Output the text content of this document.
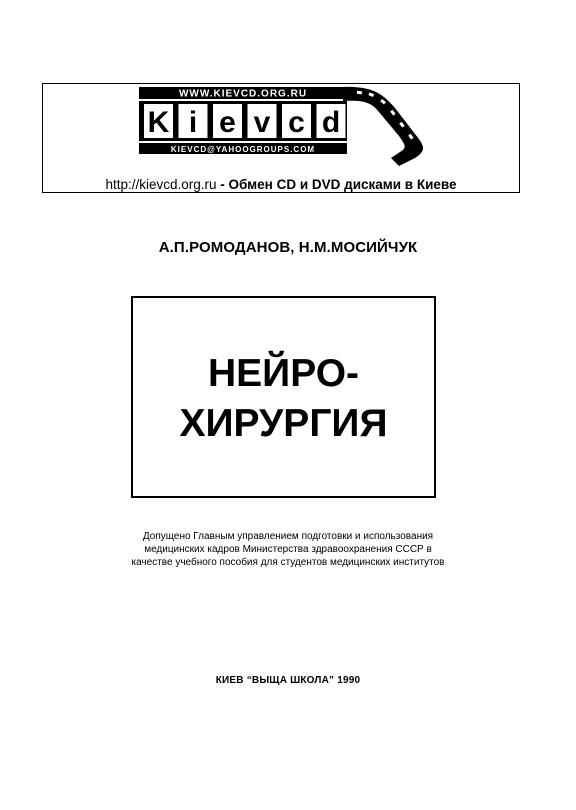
WWW.KIEVCD.ORG.RU
K i e v c d
KIEVCD@YAHOOGROUPS.COM
http://kievcd.org.ru - Обмен CD и DVD дисками в Киеве
А.П.РОМОДАНОВ, Н.М.МОСИЙЧУК
НЕЙРО-
ХИРУРГИЯ
Допущено Главным управлением подготовки и использования
медицинских кадров Министерства здравоохранения СССР в
качестве учебного пособия для студентов медицинских институтов
КИЕВ “ВЫЩА ШКОЛА” 1990
